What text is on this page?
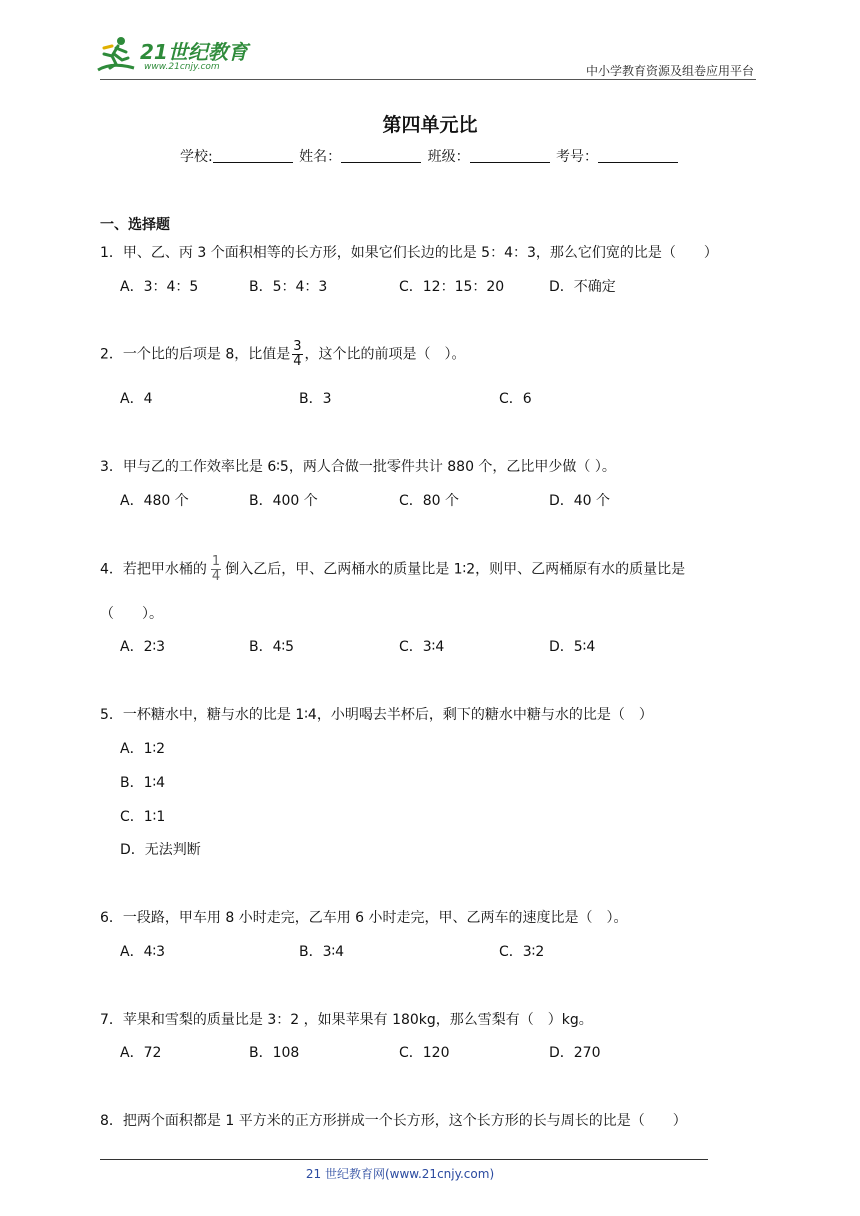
21世纪教育
www.21cnjy.com	中小学教育资源及组卷应用平台
第四单元比
学校:	姓名：	班级：	考号：
一、选择题
1．甲、乙、丙 3 个面积相等的长方形，如果它们长边的比是 5：4：3，那么它们宽的比是（　　）
A．3：4：5	B．5：4：3	C．12：15：20	D．不确定
2．一个比的后项是 8，比值是 $\frac{3}{4}$ ，这个比的前项是（　）。
A．4	B．3	C．6
3．甲与乙的工作效率比是 6∶5，两人合做一批零件共计 880 个，乙比甲少做（ ）。
A．480 个	B．400 个	C．80 个	D．40 个
4．若把甲水桶的 $\frac{1}{4}$ 倒入乙后，甲、乙两桶水的质量比是 1∶2，则甲、乙两桶原有水的质量比是
（　　）。
A．2∶3	B．4∶5	C．3∶4	D．5∶4
5．一杯糖水中，糖与水的比是 1∶4，小明喝去半杯后，剩下的糖水中糖与水的比是（　）
A．1∶2
B．1∶4
C．1∶1
D．无法判断
6．一段路，甲车用 8 小时走完，乙车用 6 小时走完，甲、乙两车的速度比是（　）。
A．4∶3	B．3∶4	C．3∶2
7．苹果和雪梨的质量比是 3：2 ，如果苹果有 180kg，那么雪梨有（　）kg。
A．72	B．108	C．120	D．270
8．把两个面积都是 1 平方米的正方形拼成一个长方形，这个长方形的长与周长的比是（　　）
21 世纪教育网(www.21cnjy.com)
